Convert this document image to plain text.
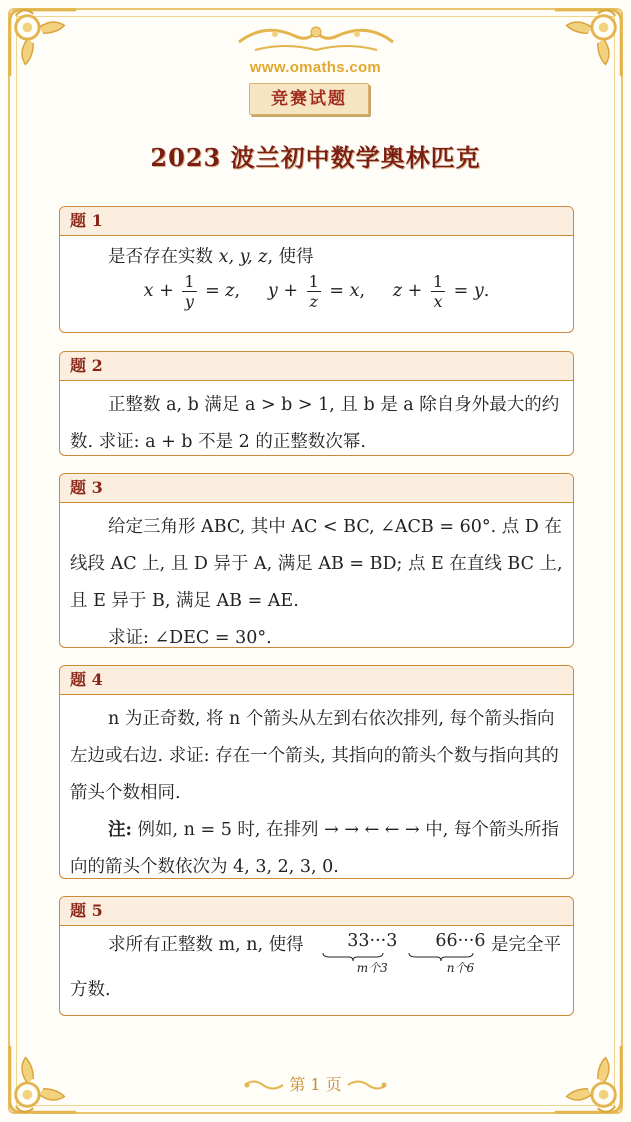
www.omaths.com
竞赛试题
2023 波兰初中数学奥林匹克
题 1
是否存在实数 x, y, z, 使得
$x + \frac{1}{y} = z$,     $y + \frac{1}{z} = x$,     $z + \frac{1}{x} = y$.
题 2
正整数 a, b 满足 a > b > 1, 且 b 是 a 除自身外最大的约数. 求证: a + b 不是 2 的正整数次幂.
题 3
给定三角形 ABC, 其中 AC < BC, ∠ACB = 60°. 点 D 在线段 AC 上, 且 D 异于 A, 满足 AB = BD; 点 E 在直线 BC 上, 且 E 异于 B, 满足 AB = AE.
求证: ∠DEC = 30°.
题 4
n 为正奇数, 将 n 个箭头从左到右依次排列, 每个箭头指向左边或右边. 求证: 存在一个箭头, 其指向的箭头个数与指向其的箭头个数相同.
注: 例如, n = 5 时, 在排列 → → ← ← → 中, 每个箭头所指向的箭头个数依次为 4, 3, 2, 3, 0.
题 5
求所有正整数 m, n, 使得 33···3
m个3
66···6
n个6
是完全平方数.
第 1 页
